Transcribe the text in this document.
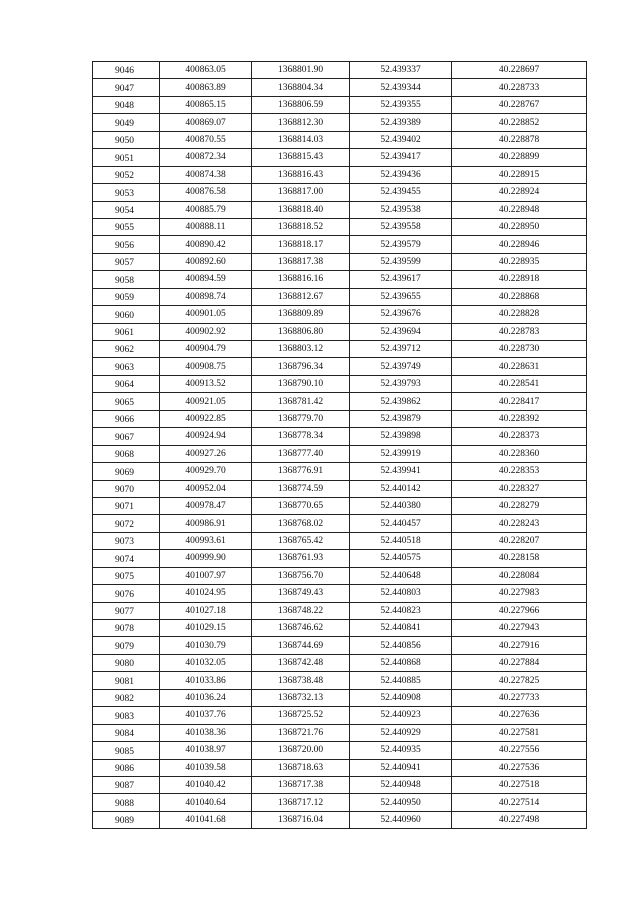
9046	400863.05	1368801.90	52.439337	40.228697
9047	400863.89	1368804.34	52.439344	40.228733
9048	400865.15	1368806.59	52.439355	40.228767
9049	400869.07	1368812.30	52.439389	40.228852
9050	400870.55	1368814.03	52.439402	40.228878
9051	400872.34	1368815.43	52.439417	40.228899
9052	400874.38	1368816.43	52.439436	40.228915
9053	400876.58	1368817.00	52.439455	40.228924
9054	400885.79	1368818.40	52.439538	40.228948
9055	400888.11	1368818.52	52.439558	40.228950
9056	400890.42	1368818.17	52.439579	40.228946
9057	400892.60	1368817.38	52.439599	40.228935
9058	400894.59	1368816.16	52.439617	40.228918
9059	400898.74	1368812.67	52.439655	40.228868
9060	400901.05	1368809.89	52.439676	40.228828
9061	400902.92	1368806.80	52.439694	40.228783
9062	400904.79	1368803.12	52.439712	40.228730
9063	400908.75	1368796.34	52.439749	40.228631
9064	400913.52	1368790.10	52.439793	40.228541
9065	400921.05	1368781.42	52.439862	40.228417
9066	400922.85	1368779.70	52.439879	40.228392
9067	400924.94	1368778.34	52.439898	40.228373
9068	400927.26	1368777.40	52.439919	40.228360
9069	400929.70	1368776.91	52.439941	40.228353
9070	400952.04	1368774.59	52.440142	40.228327
9071	400978.47	1368770.65	52.440380	40.228279
9072	400986.91	1368768.02	52.440457	40.228243
9073	400993.61	1368765.42	52.440518	40.228207
9074	400999.90	1368761.93	52.440575	40.228158
9075	401007.97	1368756.70	52.440648	40.228084
9076	401024.95	1368749.43	52.440803	40.227983
9077	401027.18	1368748.22	52.440823	40.227966
9078	401029.15	1368746.62	52.440841	40.227943
9079	401030.79	1368744.69	52.440856	40.227916
9080	401032.05	1368742.48	52.440868	40.227884
9081	401033.86	1368738.48	52.440885	40.227825
9082	401036.24	1368732.13	52.440908	40.227733
9083	401037.76	1368725.52	52.440923	40.227636
9084	401038.36	1368721.76	52.440929	40.227581
9085	401038.97	1368720.00	52.440935	40.227556
9086	401039.58	1368718.63	52.440941	40.227536
9087	401040.42	1368717.38	52.440948	40.227518
9088	401040.64	1368717.12	52.440950	40.227514
9089	401041.68	1368716.04	52.440960	40.227498
